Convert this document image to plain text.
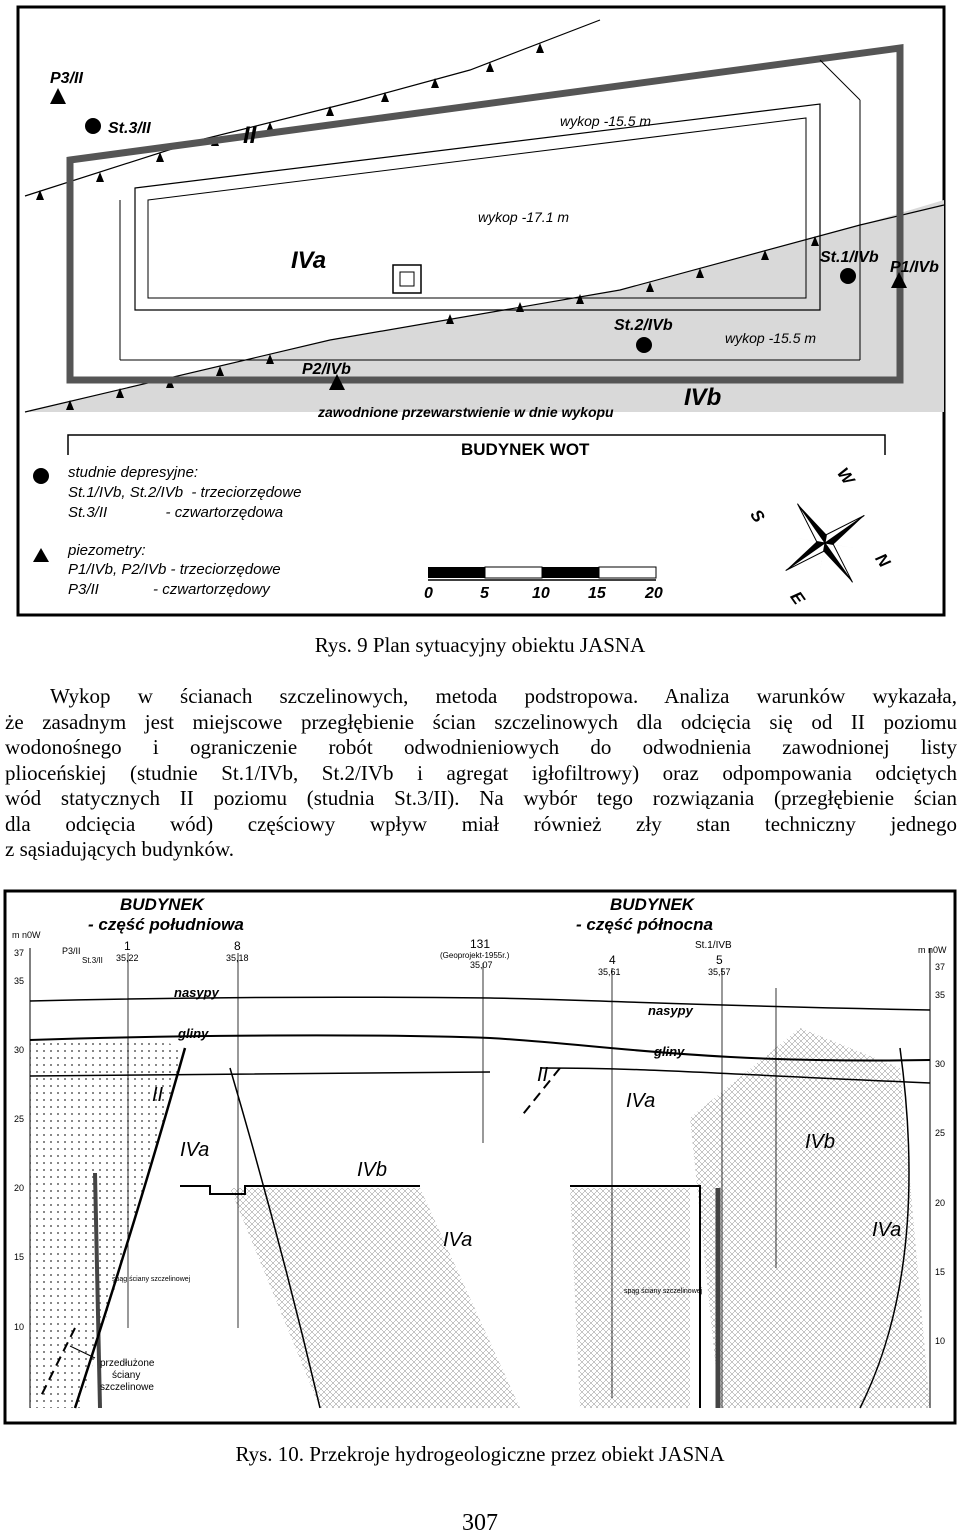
P3/II
St.3/II	II
wykop -15.5 m
wykop -17.1 m
IVa	St.1/IVb
P1/IVb
St.2/IVb
wykop -15.5 m
P2/IVb
IVb
zawodnione przewarstwienie w dnie wykopu
BUDYNEK WOT
studnie depresyjne:
St.1/IVb, St.2/IVb  - trzeciorzędowe
St.3/II              - czwartorzędowa
piezometry:
P1/IVb, P2/IVb - trzeciorzędowe
P3/II             - czwartorzędowy	0	5	10 15 20
W
S
N
E
Rys. 9 Plan sytuacyjny obiektu JASNA
Wykop w ścianach szczelinowych, metoda podstropowa. Analiza warunków wykazała,
że zasadnym jest miejscowe przegłębienie ścian szczelinowych dla odcięcia się od II poziomu
wodonośnego i ograniczenie robót odwodnieniowych do odwodnienia zawodnionej listy
plioceńskiej (studnie St.1/IVb, St.2/IVb i agregat igłofiltrowy) oraz odpompowania odciętych
wód statycznych II poziomu (studnia St.3/II). Na wybór tego rozwiązania (przegłębienie ścian
dla odcięcia wód) częściowy wpływ miał również zły stan techniczny jednego
z sąsiadujących budynków.
BUDYNEK
- część południowa
BUDYNEK
- część północna
nasypy
gliny
nasypy
gliny
II
IVa
IVb
IVa
II
IVa
IVb
IVa
m n0W
m n0W
37
35
30
25
20
15
10
37
35
30
25
20
15
10
1
35,22
8
35,18
131
(Geoprojekt-1955r.)
35,07	4
35,61
5
35,57
P3/II
St.3/II
St.1/IVB
przedłużone
ściany
szczelinowe
spąg ściany szczelinowej
spąg ściany szczelinowej
Rys. 10. Przekroje hydrogeologiczne przez obiekt JASNA
307
